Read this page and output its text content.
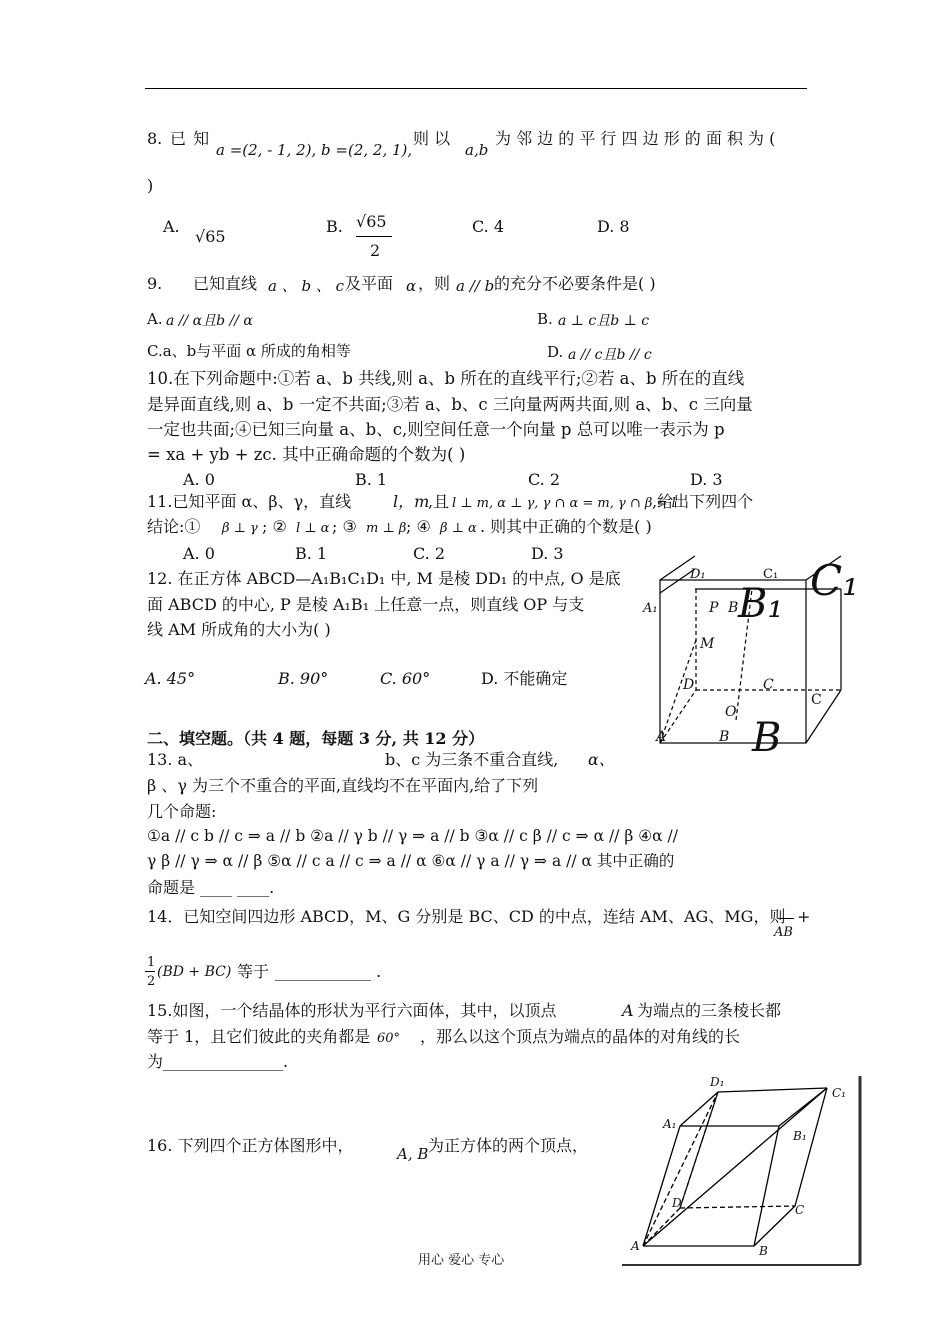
8. 已 知
a =(2, - 1, 2), b =(2, 2, 1),
则 以
a,b
为 邻 边 的 平 行 四 边 形 的 面 积 为 (
)
A.
√65
B. √65
2
C. 4	D. 8
9. 已知直线 a 、 b 、 c 及平面 α ，则 a // b 的充分不必要条件是( )
A. a // α且b // α	B. a ⊥ c且b ⊥ c
C.a、b与平面 α 所成的角相等	D. a // c且b // c
10.在下列命题中:①若 a、b 共线,则 a、b 所在的直线平行;②若 a、b 所在的直线
是异面直线,则 a、b 一定不共面;③若 a、b、c 三向量两两共面,则 a、b、c 三向量
一定也共面;④已知三向量 a、b、c,则空间任意一个向量 p 总可以唯一表示为 p
= xa + yb + zc. 其中正确命题的个数为( )
A. 0	B. 1	C. 2	D. 3
11.已知平面 α、β、γ，直线	l，m
,且 l ⊥ m, α ⊥ γ, γ ∩ α = m, γ ∩ β = l
,给出下列四个
结论:① β ⊥ γ ; ② l ⊥ α ; ③ m ⊥ β ; ④ β ⊥ α . 则其中正确的个数是( )
A. 0	B. 1	C. 2	D. 3
12. 在正方体 ABCD—A₁B₁C₁D₁ 中, M 是棱 DD₁ 的中点, O 是底
面 ABCD 的中心, P 是棱 A₁B₁ 上任意一点，则直线 OP 与支
线 AM 所成角的大小为( )
A. 45°	B. 90°	C. 60°	D. 不能确定
D₁	C₁ C₁
A₁	P B B₁
M
D	C
C
O
A	B B
二、填空题。（共 4 题，每题 3 分, 共 12 分）
13. a、	b、c 为三条不重合直线, α、
β 、γ 为三个不重合的平面,直线均不在平面内,给了下列
几个命题:
①a // c b // c ⇒ a // b ②a // γ b // γ ⇒ a // b ③α // c β // c ⇒ α // β ④α //
γ β // γ ⇒ α // β ⑤α // c a // c ⇒ a // α ⑥α // γ a // γ ⇒ a // α 其中正确的
命题是 ____ ____.
14．已知空间四边形 ABCD，M、G 分别是 BC、CD 的中点，连结 AM、AG、MG，则
AB
+
1
2
(BD + BC) 等于 ____________ .
15.如图，一个结晶体的形状为平行六面体，其中，以顶点	A 为端点的三条棱长都
等于 1，且它们彼此的夹角都是 60° ，那么以这个顶点为端点的晶体的对角线的长
为_______________.
D₁
C₁
A₁
B₁
D	C
A	B
16. 下列四个正方体图形中，	A, B 为正方体的两个顶点，
用心 爱心 专心
